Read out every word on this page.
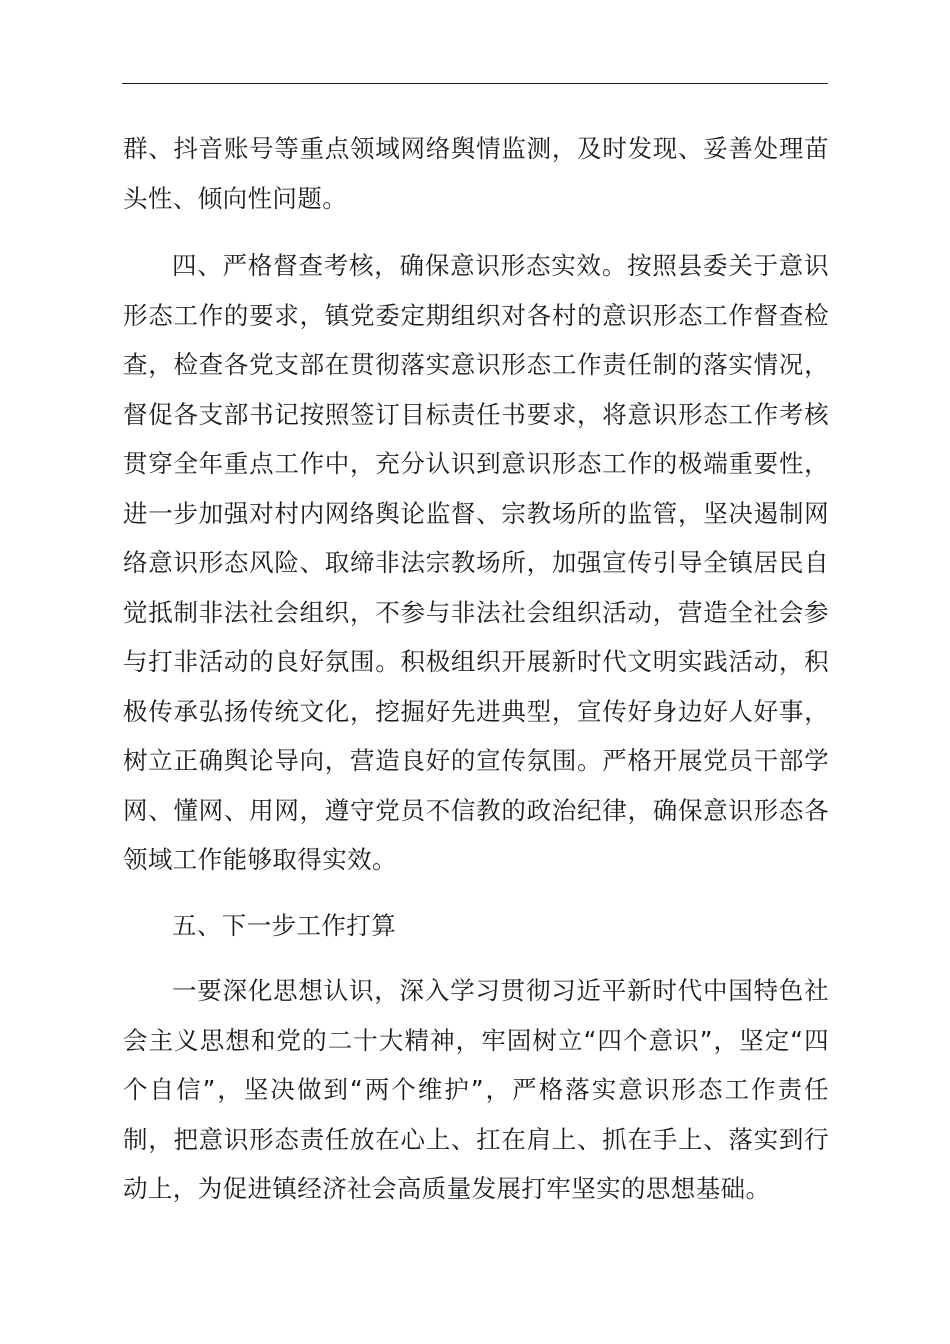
群、抖音账号等重点领域网络舆情监测，及时发现、妥善处理苗头性、倾向性问题。

四、严格督查考核，确保意识形态实效。按照县委关于意识形态工作的要求，镇党委定期组织对各村的意识形态工作督查检查，检查各党支部在贯彻落实意识形态工作责任制的落实情况，督促各支部书记按照签订目标责任书要求，将意识形态工作考核贯穿全年重点工作中，充分认识到意识形态工作的极端重要性，进一步加强对村内网络舆论监督、宗教场所的监管，坚决遏制网络意识形态风险、取缔非法宗教场所，加强宣传引导全镇居民自觉抵制非法社会组织，不参与非法社会组织活动，营造全社会参与打非活动的良好氛围。积极组织开展新时代文明实践活动，积极传承弘扬传统文化，挖掘好先进典型，宣传好身边好人好事，树立正确舆论导向，营造良好的宣传氛围。严格开展党员干部学网、懂网、用网，遵守党员不信教的政治纪律，确保意识形态各领域工作能够取得实效。

五、下一步工作打算

一要深化思想认识，深入学习贯彻习近平新时代中国特色社会主义思想和党的二十大精神，牢固树立“四个意识”，坚定“四个自信”，坚决做到“两个维护”，严格落实意识形态工作责任制，把意识形态责任放在心上、扛在肩上、抓在手上、落实到行动上，为促进镇经济社会高质量发展打牢坚实的思想基础。
